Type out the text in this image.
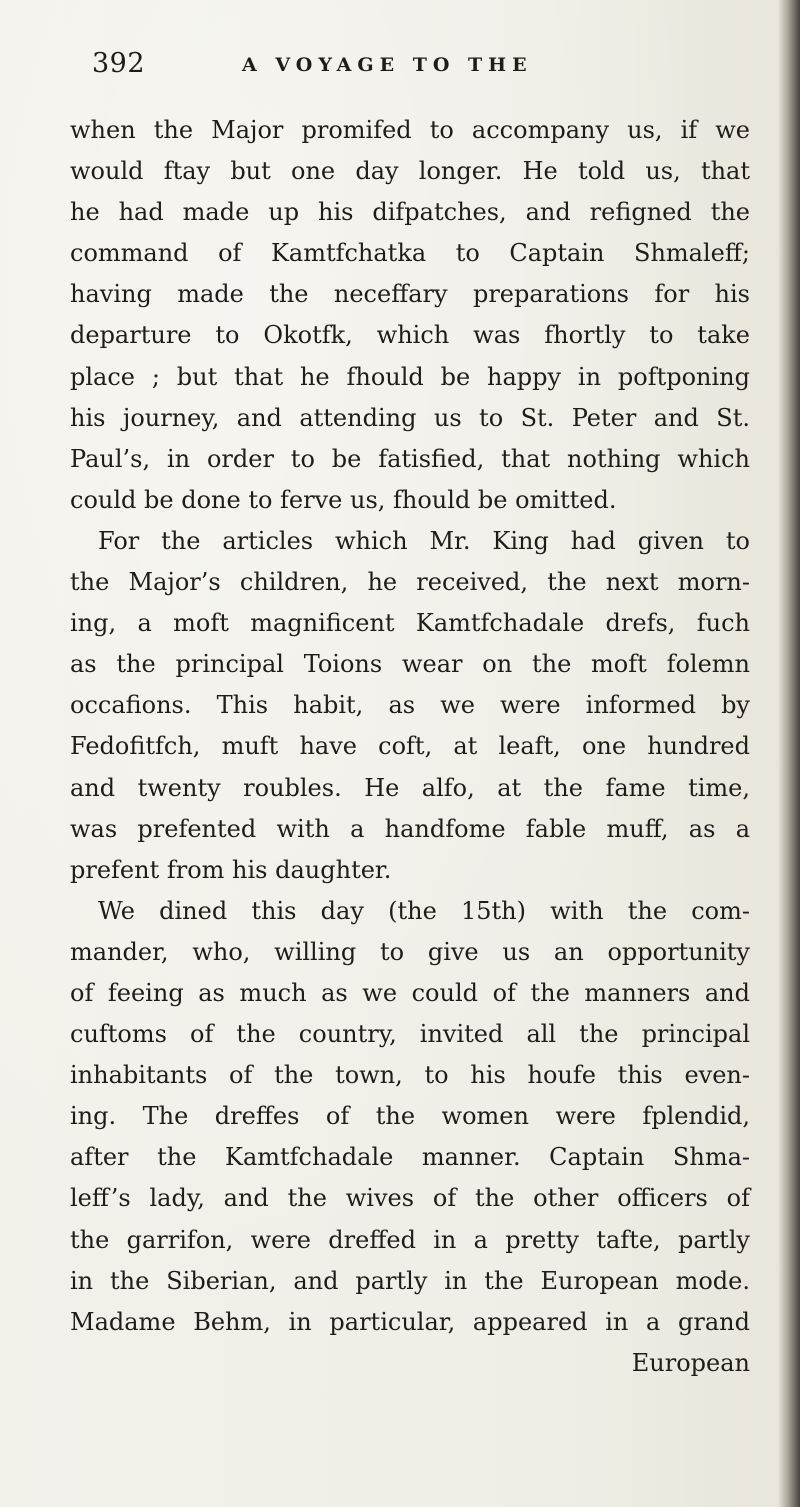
392	A VOYAGE TO THE
when the Major promifed to accompany us, if we
would ftay but one day longer. He told us, that
he had made up his difpatches, and refigned the
command of Kamtfchatka to Captain Shmaleff;
having made the neceffary preparations for his
departure to Okotfk, which was fhortly to take
place ; but that he fhould be happy in poftponing
his journey, and attending us to St. Peter and St.
Paul’s, in order to be fatisfied, that nothing which
could be done to ferve us, fhould be omitted.
For the articles which Mr. King had given to
the Major’s children, he received, the next morn-
ing, a moft magnificent Kamtfchadale drefs, fuch
as the principal Toions wear on the moft folemn
occafions. This habit, as we were informed by
Fedofitfch, muft have coft, at leaft, one hundred
and twenty roubles. He alfo, at the fame time,
was prefented with a handfome fable muff, as a
prefent from his daughter.
We dined this day (the 15th) with the com-
mander, who, willing to give us an opportunity
of feeing as much as we could of the manners and
cuftoms of the country, invited all the principal
inhabitants of the town, to his houfe this even-
ing. The dreffes of the women were fplendid,
after the Kamtfchadale manner. Captain Shma-
leff’s lady, and the wives of the other officers of
the garrifon, were dreffed in a pretty tafte, partly
in the Siberian, and partly in the European mode.
Madame Behm, in particular, appeared in a grand
European
